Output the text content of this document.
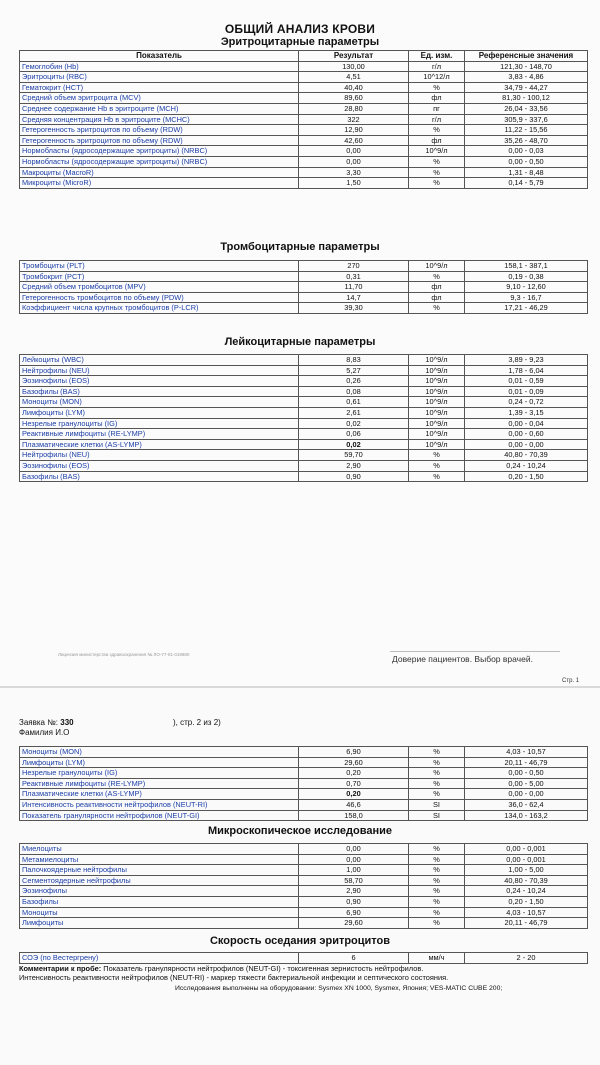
ОБЩИЙ АНАЛИЗ КРОВИ
Эритроцитарные параметры
Показатель	Результат	Ед. изм.	Референсные значения
Гемоглобин (Hb)	130,00	г/л	121,30 - 148,70
Эритроциты (RBC)	4,51	10^12/л	3,83 - 4,86
Гематокрит (HCT)	40,40	%	34,79 - 44,27
Средний объем эритроцита (MCV)	89,60	фл	81,30 - 100,12
Среднее содержание Hb в эритроците (MCH)	28,80	пг	26,04 - 33,56
Средняя концентрация Hb в эритроците (MCHC)	322	г/л	305,9 - 337,6
Гетерогенность эритроцитов по объему (RDW)	12,90	%	11,22 - 15,56
Гетерогенность эритроцитов по объему (RDW)	42,60	фл	35,26 - 48,70
Нормобласты (ядросодержащие эритроциты) (NRBC)	0,00	10^9/л	0,00 - 0,03
Нормобласты (ядросодержащие эритроциты) (NRBC)	0,00	%	0,00 - 0,50
Макроциты (MacroR)	3,30	%	1,31 - 8,48
Микроциты (MicroR)	1,50	%	0,14 - 5,79
Тромбоцитарные параметры
Тромбоциты (PLT)	270	10^9/л	158,1 - 387,1
Тромбокрит (PCT)	0,31	%	0,19 - 0,38
Средний объем тромбоцитов (MPV)	11,70	фл	9,10 - 12,60
Гетерогенность тромбоцитов по объему (PDW)	14,7	фл	9,3 - 16,7
Коэффициент числа крупных тромбоцитов (P-LCR)	39,30	%	17,21 - 46,29
Лейкоцитарные параметры
Лейкоциты (WBC)	8,83	10^9/л	3,89 - 9,23
Нейтрофилы (NEU)	5,27	10^9/л	1,78 - 6,04
Эозинофилы (EOS)	0,26	10^9/л	0,01 - 0,59
Базофилы (BAS)	0,08	10^9/л	0,01 - 0,09
Моноциты (MON)	0,61	10^9/л	0,24 - 0,72
Лимфоциты (LYM)	2,61	10^9/л	1,39 - 3,15
Незрелые гранулоциты (IG)	0,02	10^9/л	0,00 - 0,04
Реактивные лимфоциты (RE-LYMP)	0,06	10^9/л	0,00 - 0,60
Плазматические клетки (AS-LYMP)	0,02	10^9/л	0,00 - 0,00
Нейтрофилы (NEU)	59,70	%	40,80 - 70,39
Эозинофилы (EOS)	2,90	%	0,24 - 10,24
Базофилы (BAS)	0,90	%	0,20 - 1,50
Лицензия министерства здравоохранения № ЛО-77-01-019880	Доверие пациентов. Выбор врачей.
Стр. 1
Заявка №: 330	), стр. 2 из 2)
Фамилия И.О
Моноциты (MON)	6,90	%	4,03 - 10,57
Лимфоциты (LYM)	29,60	%	20,11 - 46,79
Незрелые гранулоциты (IG)	0,20	%	0,00 - 0,50
Реактивные лимфоциты (RE-LYMP)	0,70	%	0,00 - 5,00
Плазматические клетки (AS-LYMP)	0,20	%	0,00 - 0,00
Интенсивность реактивности нейтрофилов (NEUT-RI)	46,6	SI	36,0 - 62,4
Показатель гранулярности нейтрофилов (NEUT-GI)	158,0	SI	134,0 - 163,2
Микроскопическое исследование
Миелоциты	0,00	%	0,00 - 0,001
Метамиелоциты	0,00	%	0,00 - 0,001
Палочкоядерные нейтрофилы	1,00	%	1,00 - 5,00
Сегментоядерные нейтрофилы	58,70	%	40,80 - 70,39
Эозинофилы	2,90	%	0,24 - 10,24
Базофилы	0,90	%	0,20 - 1,50
Моноциты	6,90	%	4,03 - 10,57
Лимфоциты	29,60	%	20,11 - 46,79
Скорость оседания эритроцитов
СОЭ (по Вестергрену)	6	мм/ч	2 - 20
Комментарии к пробе: Показатель гранулярности нейтрофилов (NEUT-GI) - токсигенная зернистость нейтрофилов.
Интенсивность реактивности нейтрофилов (NEUT-RI) - маркер тяжести бактериальной инфекции и септического состояния.
Исследования выполнены на оборудовании: Sysmex XN 1000, Sysmex, Япония; VES-MATIC CUBE 200;
